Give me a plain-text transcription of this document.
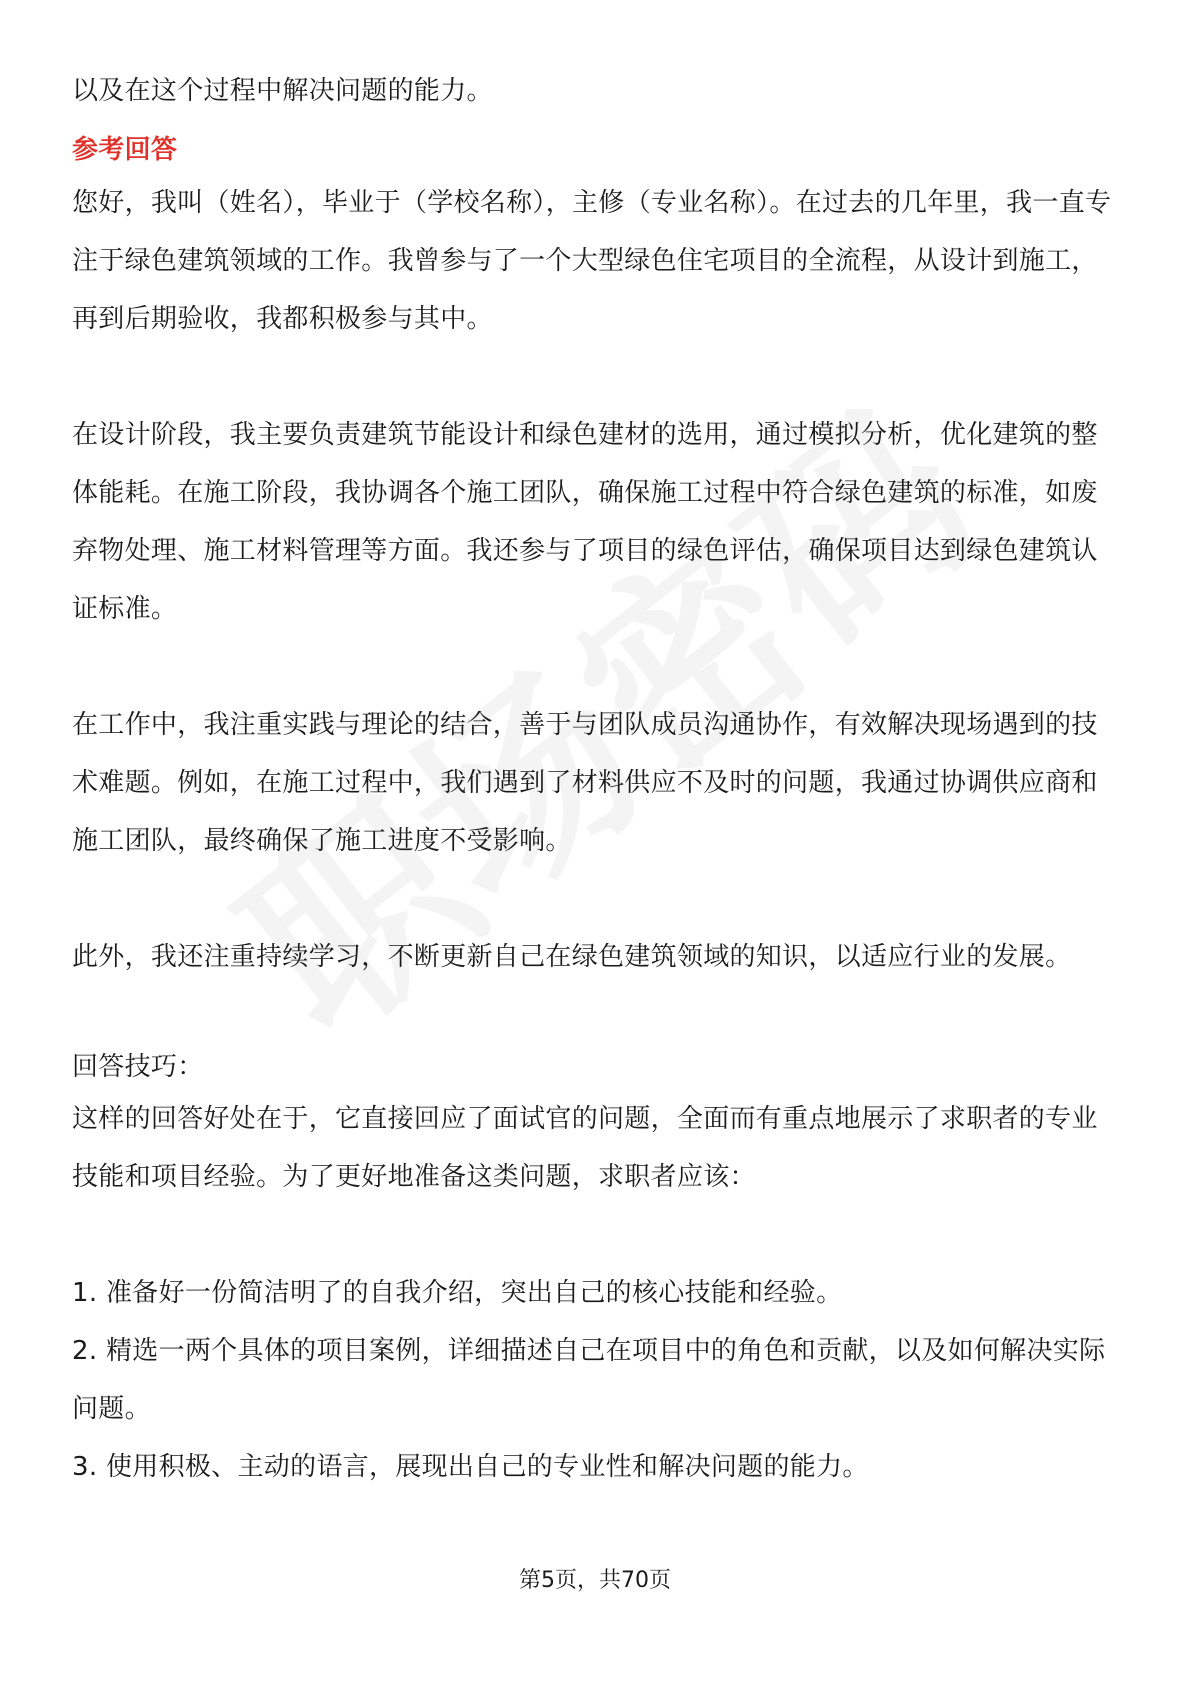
以及在这个过程中解决问题的能力。

参考回答

您好，我叫（姓名），毕业于（学校名称），主修（专业名称）。在过去的几年里，我一直专注于绿色建筑领域的工作。我曾参与了一个大型绿色住宅项目的全流程，从设计到施工，再到后期验收，我都积极参与其中。

在设计阶段，我主要负责建筑节能设计和绿色建材的选用，通过模拟分析，优化建筑的整体能耗。在施工阶段，我协调各个施工团队，确保施工过程中符合绿色建筑的标准，如废弃物处理、施工材料管理等方面。我还参与了项目的绿色评估，确保项目达到绿色建筑认证标准。

在工作中，我注重实践与理论的结合，善于与团队成员沟通协作，有效解决现场遇到的技术难题。例如，在施工过程中，我们遇到了材料供应不及时的问题，我通过协调供应商和施工团队，最终确保了施工进度不受影响。

此外，我还注重持续学习，不断更新自己在绿色建筑领域的知识，以适应行业的发展。

回答技巧：

这样的回答好处在于，它直接回应了面试官的问题，全面而有重点地展示了求职者的专业技能和项目经验。为了更好地准备这类问题，求职者应该：

1. 准备好一份简洁明了的自我介绍，突出自己的核心技能和经验。

2. 精选一两个具体的项目案例，详细描述自己在项目中的角色和贡献，以及如何解决实际问题。

3. 使用积极、主动的语言，展现出自己的专业性和解决问题的能力。

第5页，共70页
